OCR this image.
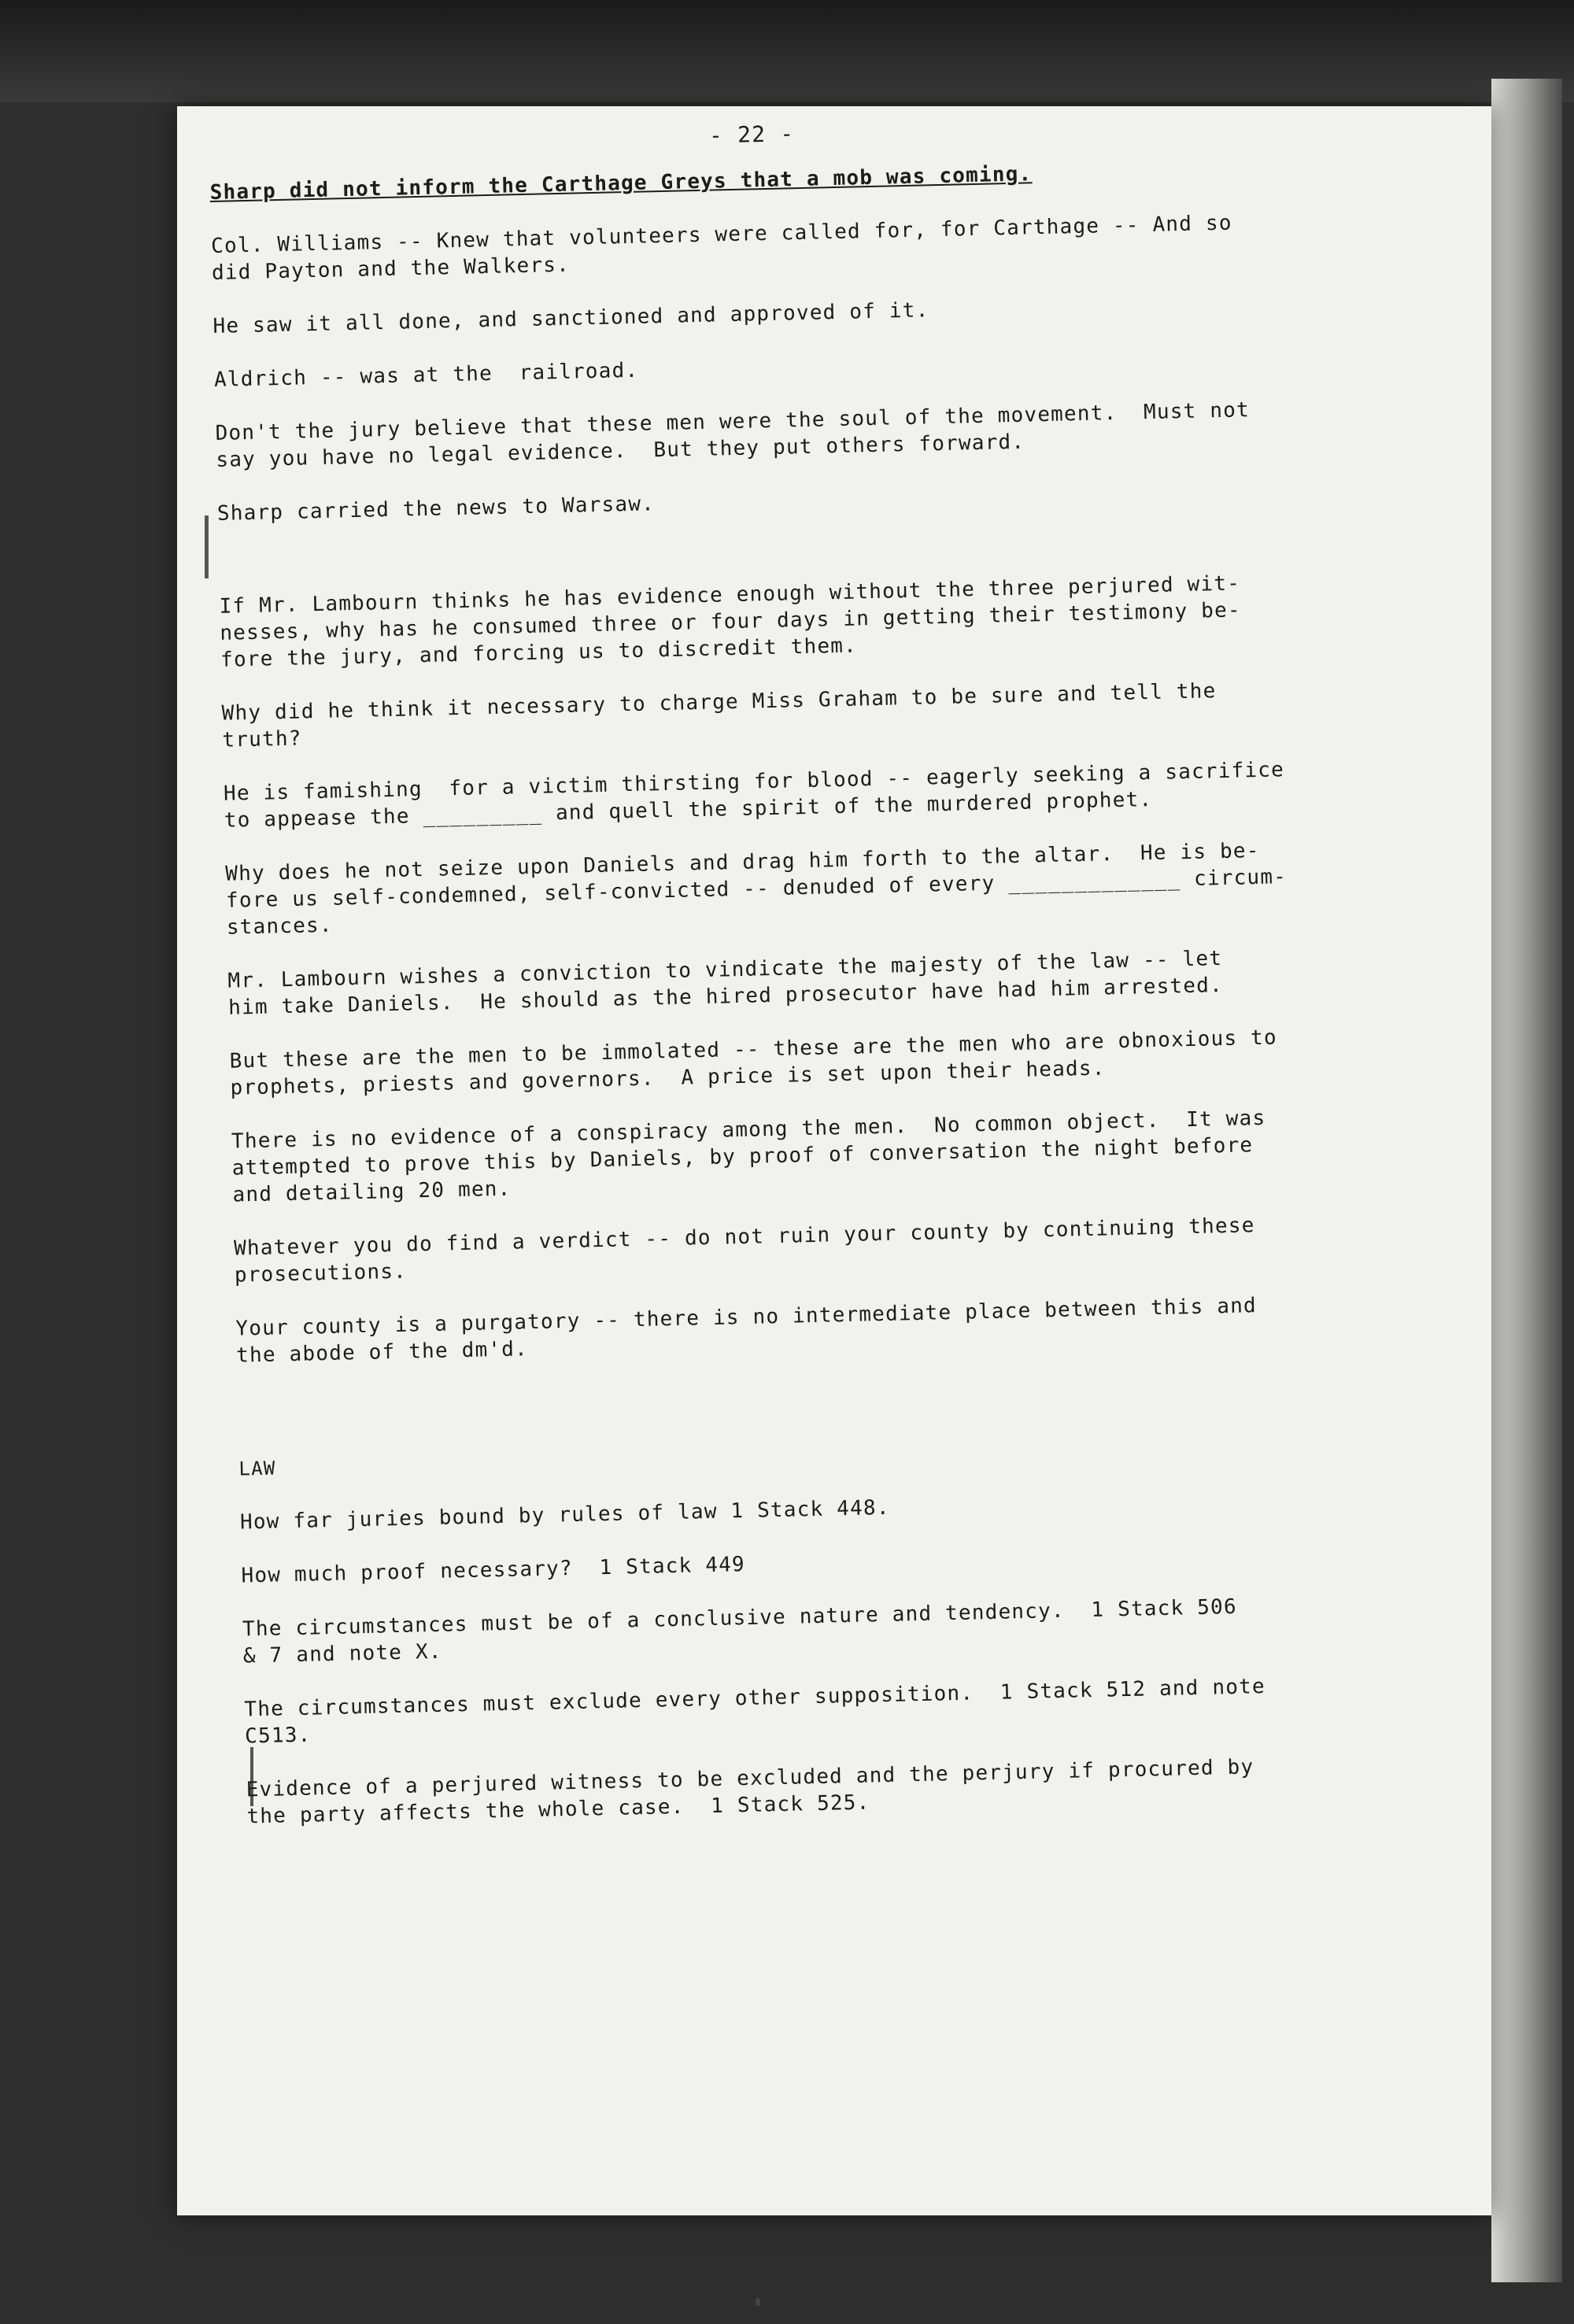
- 22 -
Sharp did not inform the Carthage Greys that a mob was coming.
Col. Williams -- Knew that volunteers were called for, for Carthage -- And so
did Payton and the Walkers.
He saw it all done, and sanctioned and approved of it.
Aldrich -- was at the  railroad.
Don't the jury believe that these men were the soul of the movement.  Must not
say you have no legal evidence.  But they put others forward.
Sharp carried the news to Warsaw.
If Mr. Lambourn thinks he has evidence enough without the three perjured wit-
nesses, why has he consumed three or four days in getting their testimony be-
fore the jury, and forcing us to discredit them.
Why did he think it necessary to charge Miss Graham to be sure and tell the
truth?
He is famishing  for a victim thirsting for blood -- eagerly seeking a sacrifice
to appease the _________ and quell the spirit of the murdered prophet.
Why does he not seize upon Daniels and drag him forth to the altar.  He is be-
fore us self-condemned, self-convicted -- denuded of every _____________ circum-
stances.
Mr. Lambourn wishes a conviction to vindicate the majesty of the law -- let
him take Daniels.  He should as the hired prosecutor have had him arrested.
But these are the men to be immolated -- these are the men who are obnoxious to
prophets, priests and governors.  A price is set upon their heads.
There is no evidence of a conspiracy among the men.  No common object.  It was
attempted to prove this by Daniels, by proof of conversation the night before
and detailing 20 men.
Whatever you do find a verdict -- do not ruin your county by continuing these
prosecutions.
Your county is a purgatory -- there is no intermediate place between this and
the abode of the dm'd.
LAW
How far juries bound by rules of law 1 Stack 448.
How much proof necessary?  1 Stack 449
The circumstances must be of a conclusive nature and tendency.  1 Stack 506
& 7 and note X.
The circumstances must exclude every other supposition.  1 Stack 512 and note
C513.
Evidence of a perjured witness to be excluded and the perjury if procured by
the party affects the whole case.  1 Stack 525.
